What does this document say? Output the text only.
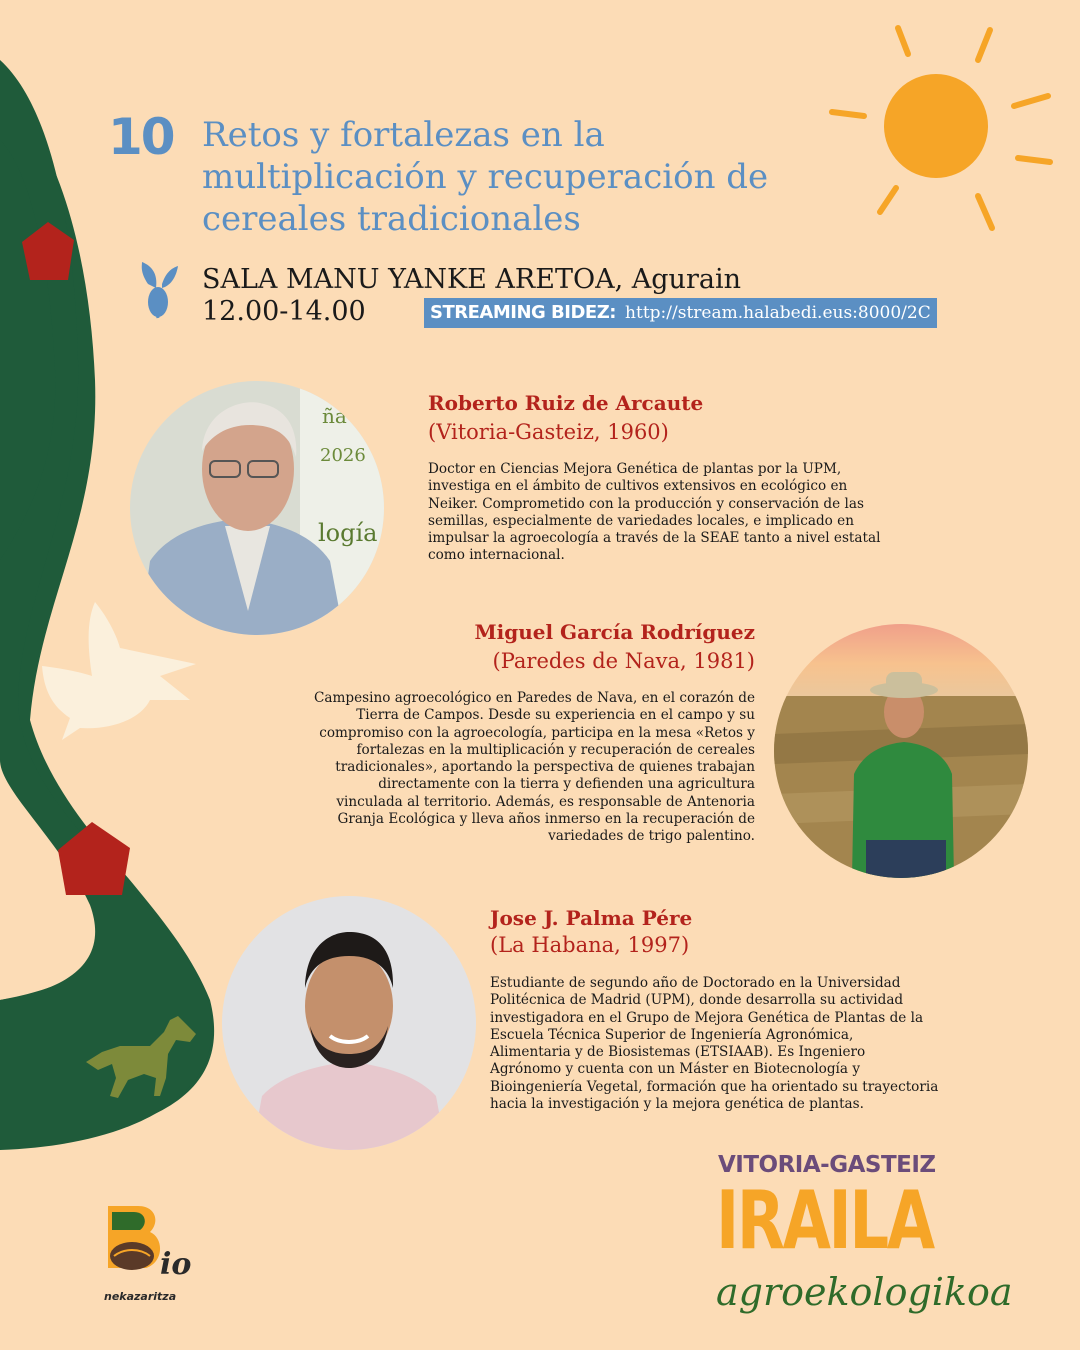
10 Retos y fortalezas en la
multiplicación y recuperación de
cereales tradicionales
SALA MANU YANKE ARETOA, Agurain
12.00-14.00	STREAMING BIDEZ: http://stream.halabedi.eus:8000/2C
ña
2026
logía
Roberto Ruiz de Arcaute
(Vitoria-Gasteiz, 1960)
Doctor en Ciencias Mejora Genética de plantas por la UPM,
investiga en el ámbito de cultivos extensivos en ecológico en
Neiker. Comprometido con la producción y conservación de las
semillas, especialmente de variedades locales, e implicado en
impulsar la agroecología a través de la SEAE tanto a nivel estatal
como internacional.
Miguel García Rodríguez
(Paredes de Nava, 1981)
Campesino agroecológico en Paredes de Nava, en el corazón de
Tierra de Campos. Desde su experiencia en el campo y su
compromiso con la agroecología, participa en la mesa «Retos y
fortalezas en la multiplicación y recuperación de cereales
tradicionales», aportando la perspectiva de quienes trabajan
directamente con la tierra y defienden una agricultura
vinculada al territorio. Además, es responsable de Antenoria
Granja Ecológica y lleva años inmerso en la recuperación de
variedades de trigo palentino.
Jose J. Palma Pére
(La Habana, 1997)
Estudiante de segundo año de Doctorado en la Universidad
Politécnica de Madrid (UPM), donde desarrolla su actividad
investigadora en el Grupo de Mejora Genética de Plantas de la
Escuela Técnica Superior de Ingeniería Agronómica,
Alimentaria y de Biosistemas (ETSIAAB). Es Ingeniero
Agrónomo y cuenta con un Máster en Biotecnología y
Bioingeniería Vegetal, formación que ha orientado su trayectoria
hacia la investigación y la mejora genética de plantas.
VITORIA-GASTEIZ
IRAILA
agroekologikoa
io
nekazaritza
